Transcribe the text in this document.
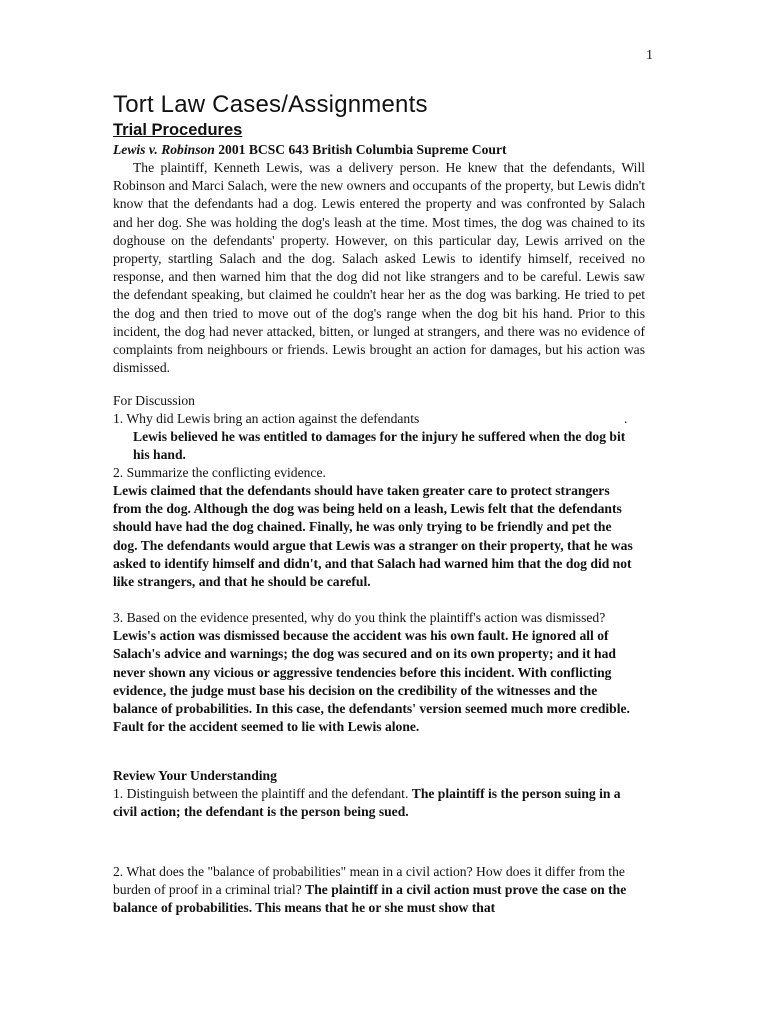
1
Tort Law Cases/Assignments
Trial Procedures
Lewis v. Robinson 2001 BCSC 643 British Columbia Supreme Court

The plaintiff, Kenneth Lewis, was a delivery person. He knew that the defendants, Will Robinson and Marci Salach, were the new owners and occupants of the property, but Lewis didn't know that the defendants had a dog. Lewis entered the property and was confronted by Salach and her dog. She was holding the dog's leash at the time. Most times, the dog was chained to its doghouse on the defendants' property. However, on this particular day, Lewis arrived on the property, startling Salach and the dog. Salach asked Lewis to identify himself, received no response, and then warned him that the dog did not like strangers and to be careful. Lewis saw the defendant speaking, but claimed he couldn't hear her as the dog was barking. He tried to pet the dog and then tried to move out of the dog's range when the dog bit his hand. Prior to this incident, the dog had never attacked, bitten, or lunged at strangers, and there was no evidence of complaints from neighbours or friends. Lewis brought an action for damages, but his action was dismissed.

For Discussion
1. Why did Lewis bring an action against the defendants	.

Lewis believed he was entitled to damages for the injury he suffered when the dog bit his hand.

2. Summarize the conflicting evidence.

Lewis claimed that the defendants should have taken greater care to protect strangers from the dog. Although the dog was being held on a leash, Lewis felt that the defendants should have had the dog chained. Finally, he was only trying to be friendly and pet the dog. The defendants would argue that Lewis was a stranger on their property, that he was asked to identify himself and didn't, and that Salach had warned him that the dog did not like strangers, and that he should be careful.

3. Based on the evidence presented, why do you think the plaintiff's action was dismissed? Lewis's action was dismissed because the accident was his own fault. He ignored all of Salach's advice and warnings; the dog was secured and on its own property; and it had never shown any vicious or aggressive tendencies before this incident. With conflicting evidence, the judge must base his decision on the credibility of the witnesses and the balance of probabilities. In this case, the defendants' version seemed much more credible. Fault for the accident seemed to lie with Lewis alone.

Review Your Understanding

1. Distinguish between the plaintiff and the defendant. The plaintiff is the person suing in a civil action; the defendant is the person being sued.

2. What does the "balance of probabilities" mean in a civil action? How does it differ from the burden of proof in a criminal trial? The plaintiff in a civil action must prove the case on the balance of probabilities. This means that he or she must show that
